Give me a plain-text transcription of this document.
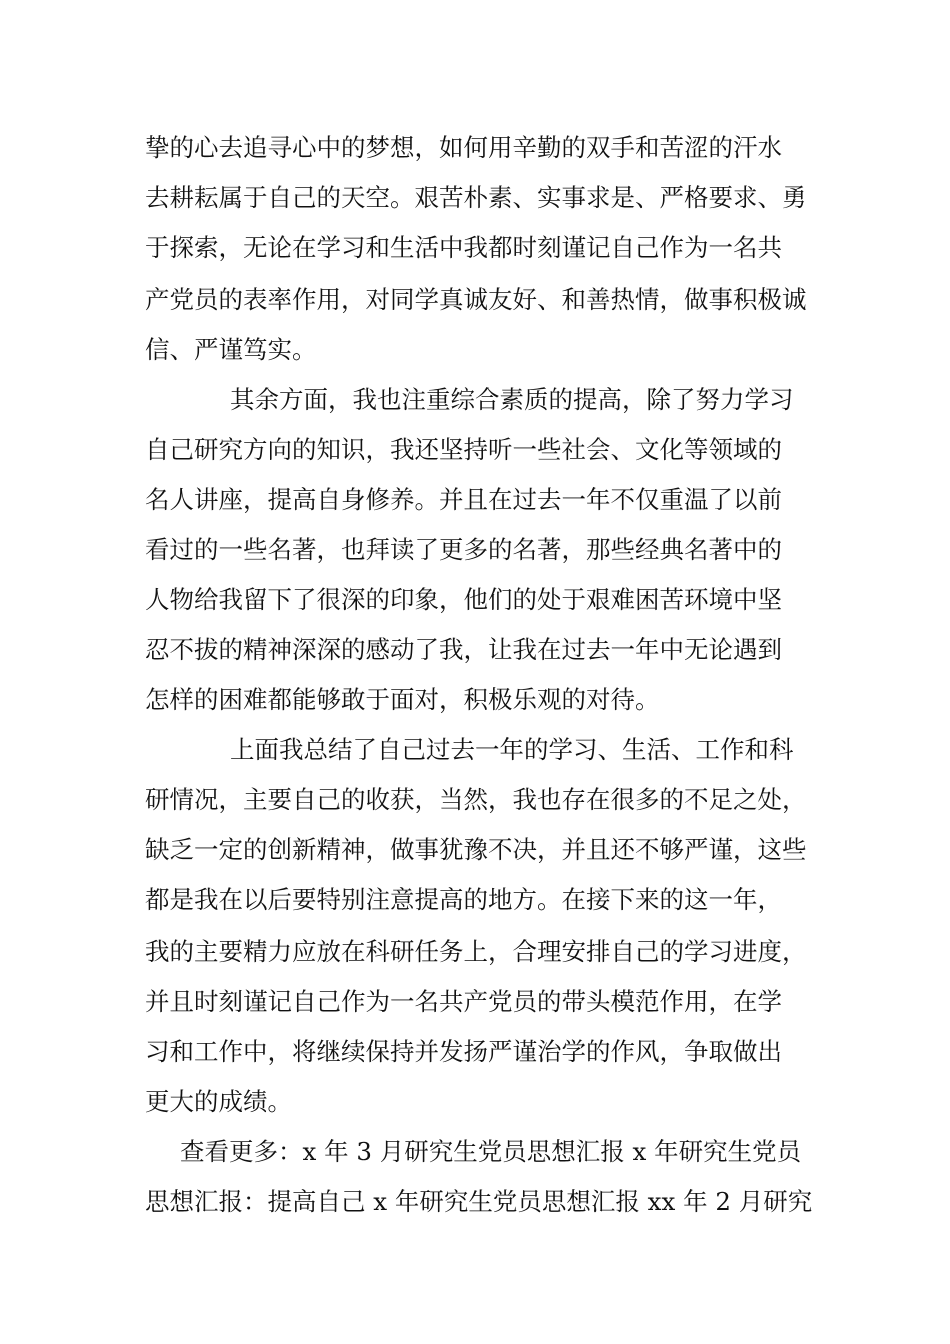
挚的心去追寻心中的梦想，如何用辛勤的双手和苦涩的汗水
去耕耘属于自己的天空。艰苦朴素、实事求是、严格要求、勇
于探索，无论在学习和生活中我都时刻谨记自己作为一名共
产党员的表率作用，对同学真诚友好、和善热情，做事积极诚
信、严谨笃实。
其余方面，我也注重综合素质的提高，除了努力学习
自己研究方向的知识，我还坚持听一些社会、文化等领域的
名人讲座，提高自身修养。并且在过去一年不仅重温了以前
看过的一些名著，也拜读了更多的名著，那些经典名著中的
人物给我留下了很深的印象，他们的处于艰难困苦环境中坚
忍不拔的精神深深的感动了我，让我在过去一年中无论遇到
怎样的困难都能够敢于面对，积极乐观的对待。
上面我总结了自己过去一年的学习、生活、工作和科
研情况，主要自己的收获，当然，我也存在很多的不足之处，
缺乏一定的创新精神，做事犹豫不决，并且还不够严谨，这些
都是我在以后要特别注意提高的地方。在接下来的这一年，
我的主要精力应放在科研任务上，合理安排自己的学习进度，
并且时刻谨记自己作为一名共产党员的带头模范作用，在学
习和工作中，将继续保持并发扬严谨治学的作风，争取做出
更大的成绩。
查看更多：x 年 3 月研究生党员思想汇报 x 年研究生党员
思想汇报：提高自己 x 年研究生党员思想汇报 xx 年 2 月研究
